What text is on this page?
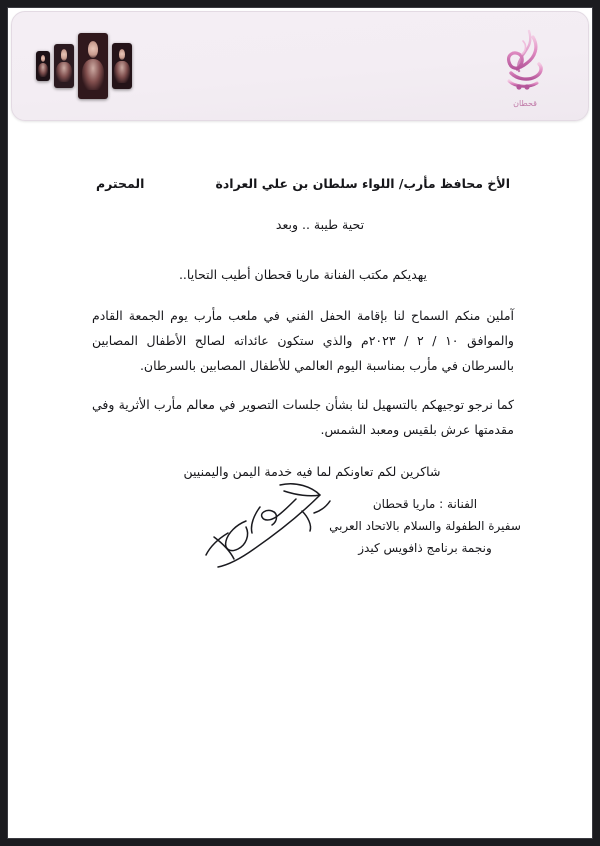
قحطان
الأخ محافظ مأرب/ اللواء سلطان بن علي العرادة
المحترم
تحية طيبة .. وبعد

يهديكم مكتب الفنانة ماريا قحطان أطيب التحايا..

آملين منكم السماح لنا بإقامة الحفل الفني في ملعب مأرب يوم الجمعة القادم والموافق ١٠ / ٢ / ٢٠٢٣م والذي ستكون عائداته لصالح الأطفال المصابين بالسرطان في مأرب بمناسبة اليوم العالمي للأطفال المصابين بالسرطان.

كما نرجو توجيهكم بالتسهيل لنا بشأن جلسات التصوير في معالم مأرب الأثرية وفي مقدمتها عرش بلقيس ومعبد الشمس.

شاكرين لكم تعاونكم لما فيه خدمة اليمن واليمنيين
الفنانة : ماريا قحطان
سفيرة الطفولة والسلام بالاتحاد العربي
ونجمة برنامج ذافويس كيدز
